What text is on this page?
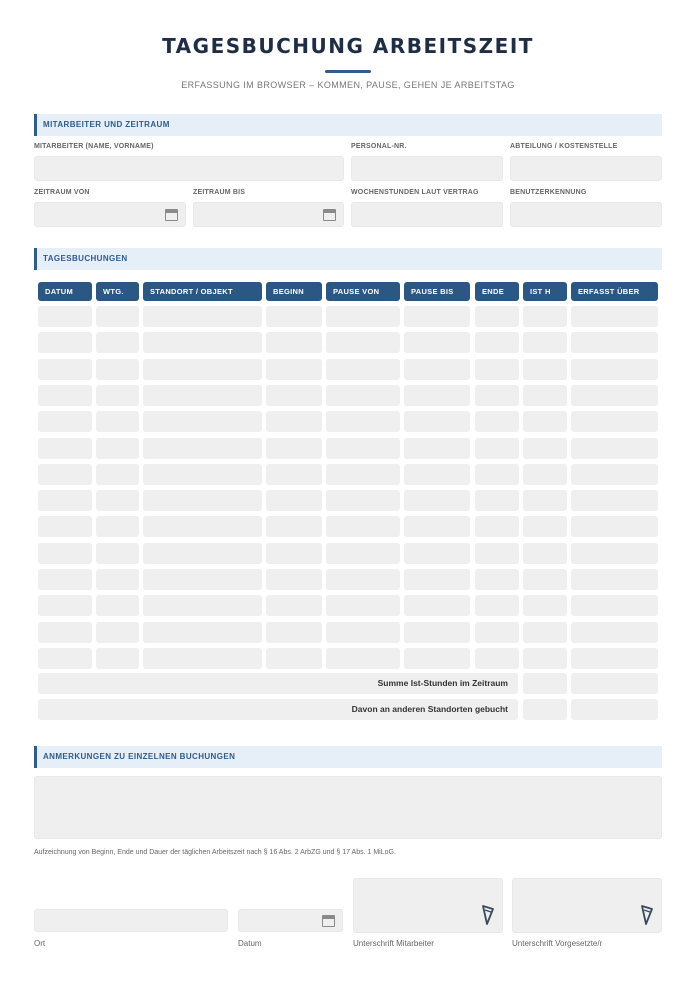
TAGESBUCHUNG ARBEITSZEIT
ERFASSUNG IM BROWSER – KOMMEN, PAUSE, GEHEN JE ARBEITSTAG
MITARBEITER UND ZEITRAUM
MITARBEITER (NAME, VORNAME)	PERSONAL-NR.	ABTEILUNG / KOSTENSTELLE
ZEITRAUM VON	ZEITRAUM BIS	WOCHENSTUNDEN LAUT VERTRAG	BENUTZERKENNUNG
TAGESBUCHUNGEN
DATUM	WTG.	STANDORT / OBJEKT	BEGINN	PAUSE VON	PAUSE BIS	ENDE	IST H	ERFASST ÜBER
Summe Ist-Stunden im Zeitraum
Davon an anderen Standorten gebucht
ANMERKUNGEN ZU EINZELNEN BUCHUNGEN
Aufzeichnung von Beginn, Ende und Dauer der täglichen Arbeitszeit nach § 16 Abs. 2 ArbZG und § 17 Abs. 1 MiLoG.
Ort	Datum	Unterschrift Mitarbeiter	Unterschrift Vorgesetzte/r
